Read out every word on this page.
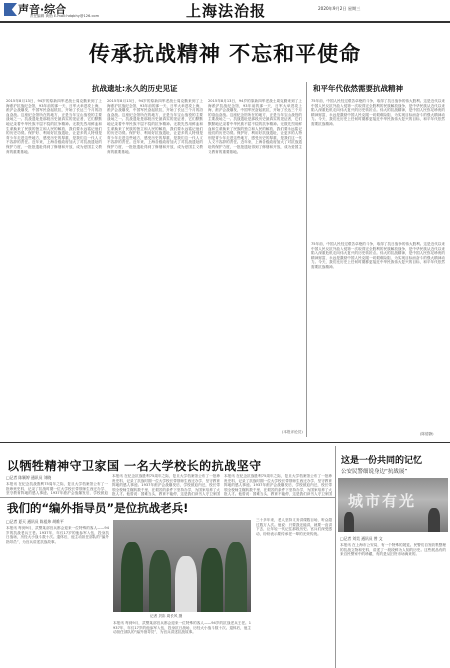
声音·综合
责任编辑 黄怡 E-mail:hdqbhy@126.com	上海法治报	2020年9月2日 星期三
传承抗战精神 不忘和平使命
抗战遗址:永久的历史见证
2015年8月13日，94岁的原新四军老战士周克勤来到了上海淞沪抗战纪念馆，93年前的那一天，日军大举进攻上海，淞沪会战爆发，中国军民奋起抵抗，开始了长达三个月的浴血奋战。这座纪念馆所在的地方，正是当年宝山战役的主要战场之一。抗战遗址是那段历史最真实的见证者，它们默默地记录着中华民族不屈不挠的抗争精神。无数先烈用鲜血和生命换来了民族的独立和人民的解放，我们要永远铭记他们的历史功绩。保护好、利用好抗战遗址，让更多的人特别是青少年走进这些地方，感受历史的厚重，是我们这一代人义不容辞的责任。近年来，上海各级政府加大了对抗战遗址的保护力度，一批批遗址得到了修缮和开放，成为爱国主义教育的重要基地。
2015年8月13日，94岁的原新四军老战士周克勤来到了上海淞沪抗战纪念馆，93年前的那一天，日军大举进攻上海，淞沪会战爆发，中国军民奋起抵抗，开始了长达三个月的浴血奋战。这座纪念馆所在的地方，正是当年宝山战役的主要战场之一。抗战遗址是那段历史最真实的见证者，它们默默地记录着中华民族不屈不挠的抗争精神。无数先烈用鲜血和生命换来了民族的独立和人民的解放，我们要永远铭记他们的历史功绩。保护好、利用好抗战遗址，让更多的人特别是青少年走进这些地方，感受历史的厚重，是我们这一代人义不容辞的责任。近年来，上海各级政府加大了对抗战遗址的保护力度，一批批遗址得到了修缮和开放，成为爱国主义教育的重要基地。
2015年8月13日，94岁的原新四军老战士周克勤来到了上海淞沪抗战纪念馆，93年前的那一天，日军大举进攻上海，淞沪会战爆发，中国军民奋起抵抗，开始了长达三个月的浴血奋战。这座纪念馆所在的地方，正是当年宝山战役的主要战场之一。抗战遗址是那段历史最真实的见证者，它们默默地记录着中华民族不屈不挠的抗争精神。无数先烈用鲜血和生命换来了民族的独立和人民的解放，我们要永远铭记他们的历史功绩。保护好、利用好抗战遗址，让更多的人特别是青少年走进这些地方，感受历史的厚重，是我们这一代人义不容辞的责任。近年来，上海各级政府加大了对抗战遗址的保护力度，一批批遗址得到了修缮和开放，成为爱国主义教育的重要基地。
(本报评论员)
和平年代依然需要抗战精神
75年前，中国人民经过艰苦卓绝的斗争，取得了抗日战争的伟大胜利。这是近代以来中国人民反抗外敌入侵第一次取得完全胜利的民族解放战争，是中华民族从近代以来陷入深重危机走向伟大复兴的历史转折点。伟大的抗战精神，是中国人民弥足珍贵的精神财富，永远是激励中国人民克服一切艰难险阻、为实现目标而奋斗的强大精神动力。今天，我们比历史上任何时期都更接近中华民族伟大复兴的目标，和平年代依然需要抗战精神。
75年前，中国人民经过艰苦卓绝的斗争，取得了抗日战争的伟大胜利。这是近代以来中国人民反抗外敌入侵第一次取得完全胜利的民族解放战争，是中华民族从近代以来陷入深重危机走向伟大复兴的历史转折点。伟大的抗战精神，是中国人民弥足珍贵的精神财富，永远是激励中国人民克服一切艰难险阻、为实现目标而奋斗的强大精神动力。今天，我们比历史上任何时期都更接近中华民族伟大复兴的目标，和平年代依然需要抗战精神。
(陈德静)
以牺牲精神守卫家国 一名大学校长的抗战坚守
□记者 陈颖婷 通讯员 刘晓
本报讯 在纪念抗战胜利75周年之际，复旦大学档案馆公布了一批珍贵史料，记录了抗战时期一位大学校长带领师生西迁办学、坚守教育阵地的感人事迹。1937年淞沪会战爆发后，学校被迫
本报讯 在纪念抗战胜利75周年之际，复旦大学档案馆公布了一批珍贵史料，记录了抗战时期一位大学校长带领师生西迁办学、坚守教育阵地的感人事迹。1937年淞沪会战爆发后，学校被迫内迁，校长带领全校师生辗转数千里，在艰苦的条件下坚持办学，为国家培养了大批人才。他曾说：国难当头，教育不能停，这是我们读书人守卫家国
本报讯 在纪念抗战胜利75周年之际，复旦大学档案馆公布了一批珍贵史料，记录了抗战时期一位大学校长带领师生西迁办学、坚守教育阵地的感人事迹。1937年淞沪会战爆发后，学校被迫内迁，校长带领全校师生辗转数千里，在艰苦的条件下坚持办学，为国家培养了大批人才。他曾说：国难当头，教育不能停，这是我们读书人守卫家国
这是一份共同的记忆
公安民警细说身边“抗战展”
城市有光
□记者 刘昊 通讯员 曾 文
本报讯 在上海市公安局，有一个特殊的展览。民警们自发收集整理的抗战文物和史料，讲述了一段段鲜为人知的历史。这些展品有的来自民警家中的珍藏，有的是从旧货市场淘来的。
我们的“编外指导员”是位抗战老兵!
□记者 夏天 通讯员 陈祖炜 胡维平
本报讯 每到9月，武警某部官兵都会迎来一位特殊的客人——94岁的抗战老兵王老。1937年，年仅17岁的他参军入伍，投身抗日战场，历经大小战斗数十次。退休后，他主动担任部队的“编外指导员”，为官兵讲述抗战故事。
记者 贝彩 周长风 摄
本报讯 每到9月，武警某部官兵都会迎来一位特殊的客人——94岁的抗战老兵王老。1937年，年仅17岁的他参军入伍，投身抗日战场，历经大小战斗数十次。退休后，他主动担任部队的“编外指导员”，为官兵讲述抗战故事。
三十多年来，老人坚持义务讲课数百场，听众超过数万人次。他说：只要我还能讲，就要一直讲下去，让年轻一代记住那段历史。官兵们深受感动，纷纷表示要传承老一辈的光荣传统。
